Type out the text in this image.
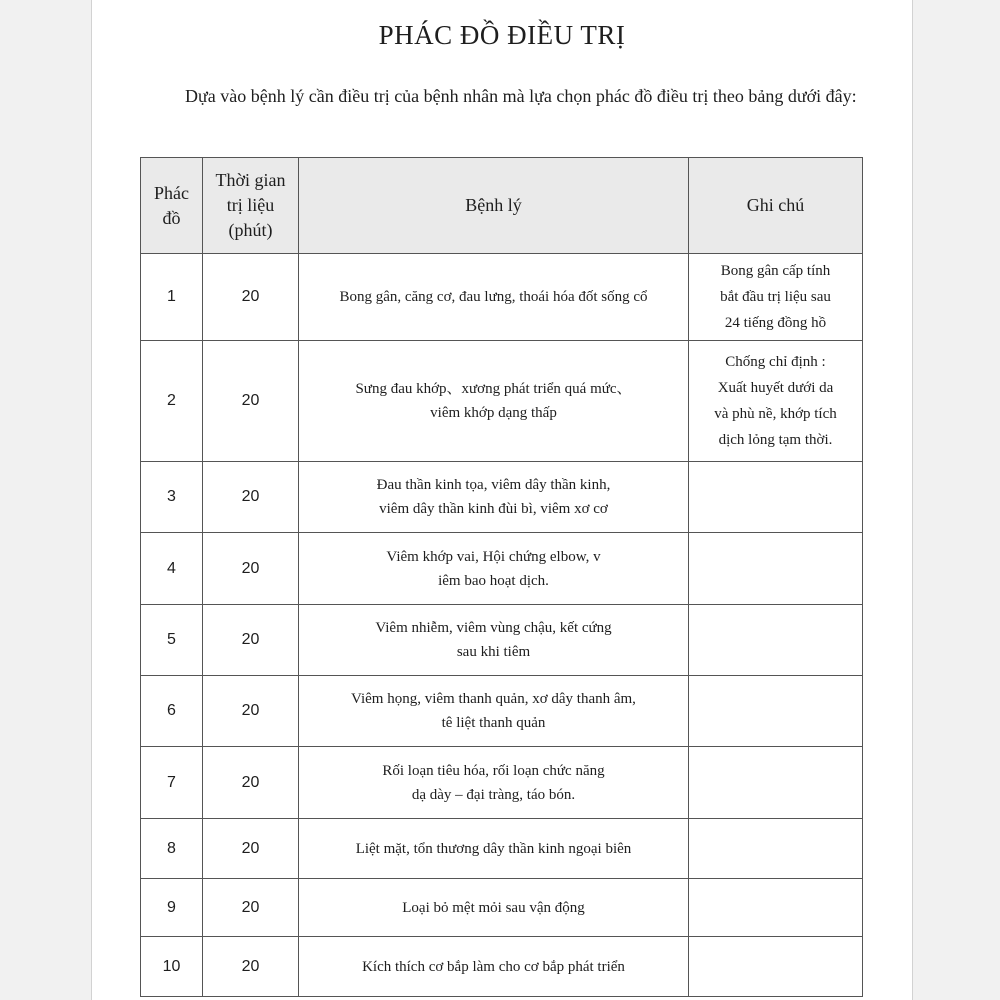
PHÁC ĐỒ ĐIỀU TRỊ

Dựa vào bệnh lý cần điều trị của bệnh nhân mà lựa chọn phác đồ điều trị theo bảng dưới đây:

Phác
đồ	Thời gian
trị liệu
(phút)	Bệnh lý	Ghi chú
1	20	Bong gân, căng cơ, đau lưng, thoái hóa đốt sống cổ	Bong gân cấp tính
bắt đầu trị liệu sau
24 tiếng đồng hồ
2	20	Sưng đau khớp、xương phát triển quá mức、
viêm khớp dạng thấp	Chống chỉ định :
Xuất huyết dưới da
và phù nề, khớp tích
dịch lỏng tạm thời.
3	20	Đau thần kinh tọa, viêm dây thần kinh,
viêm dây thần kinh đùi bì, viêm xơ cơ	
4	20	Viêm khớp vai, Hội chứng elbow, v
iêm bao hoạt dịch.	
5	20	Viêm nhiễm, viêm vùng chậu, kết cứng
sau khi tiêm	
6	20	Viêm họng, viêm thanh quản, xơ dây thanh âm,
tê liệt thanh quản	
7	20	Rối loạn tiêu hóa, rối loạn chức năng
dạ dày – đại tràng, táo bón.	
8	20	Liệt mặt, tổn thương dây thần kinh ngoại biên	
9	20	Loại bỏ mệt mỏi sau vận động	
10	20	Kích thích cơ bắp làm cho cơ bắp phát triển	
